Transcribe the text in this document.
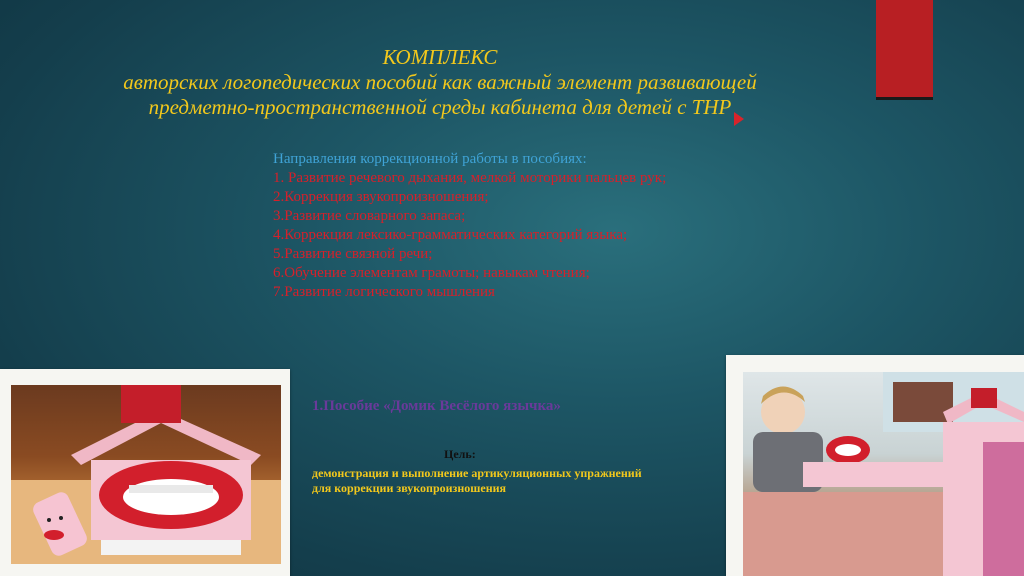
КОМПЛЕКС
авторских логопедических пособий как важный элемент развивающей
предметно-пространственной среды кабинета для детей с ТНР
Направления коррекционной работы в пособиях:
1. Развитие речевого дыхания, мелкой моторики пальцев рук;
2.Коррекция звукопроизношения;
3.Развитие словарного запаса;
4.Коррекция лексико-грамматических категорий языка;
5.Развитие связной речи;
6.Обучение элементам грамоты; навыкам чтения;
7.Развитие логического мышления
1.Пособие «Домик Весёлого язычка»
Цель:
демонстрация и выполнение артикуляционных упражнений для коррекции звукопроизношения
